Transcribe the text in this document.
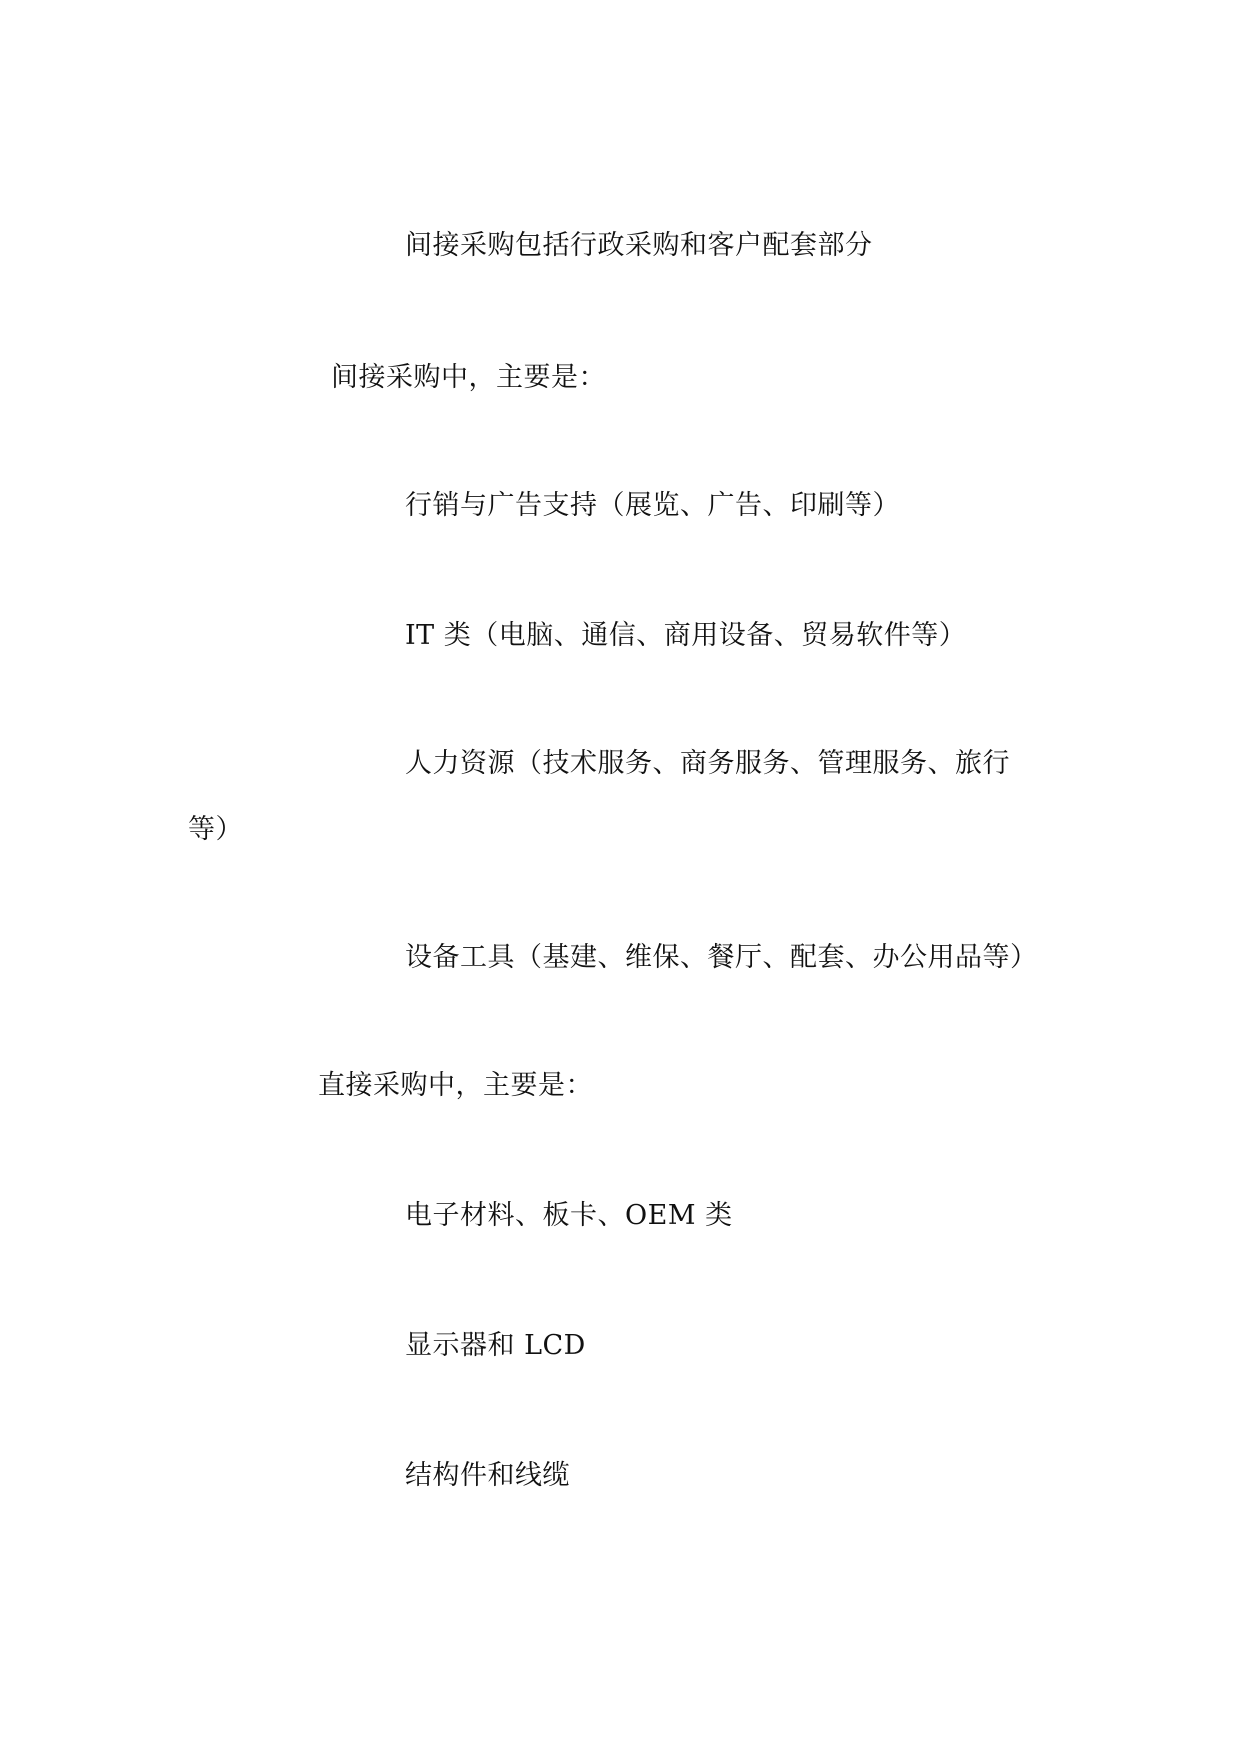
间接采购包括行政采购和客户配套部分
间接采购中，主要是：
行销与广告支持（展览、广告、印刷等）
IT 类（电脑、通信、商用设备、贸易软件等）
人力资源（技术服务、商务服务、管理服务、旅行
等）
设备工具（基建、维保、餐厅、配套、办公用品等）
直接采购中，主要是：
电子材料、板卡、OEM 类
显示器和 LCD
结构件和线缆
